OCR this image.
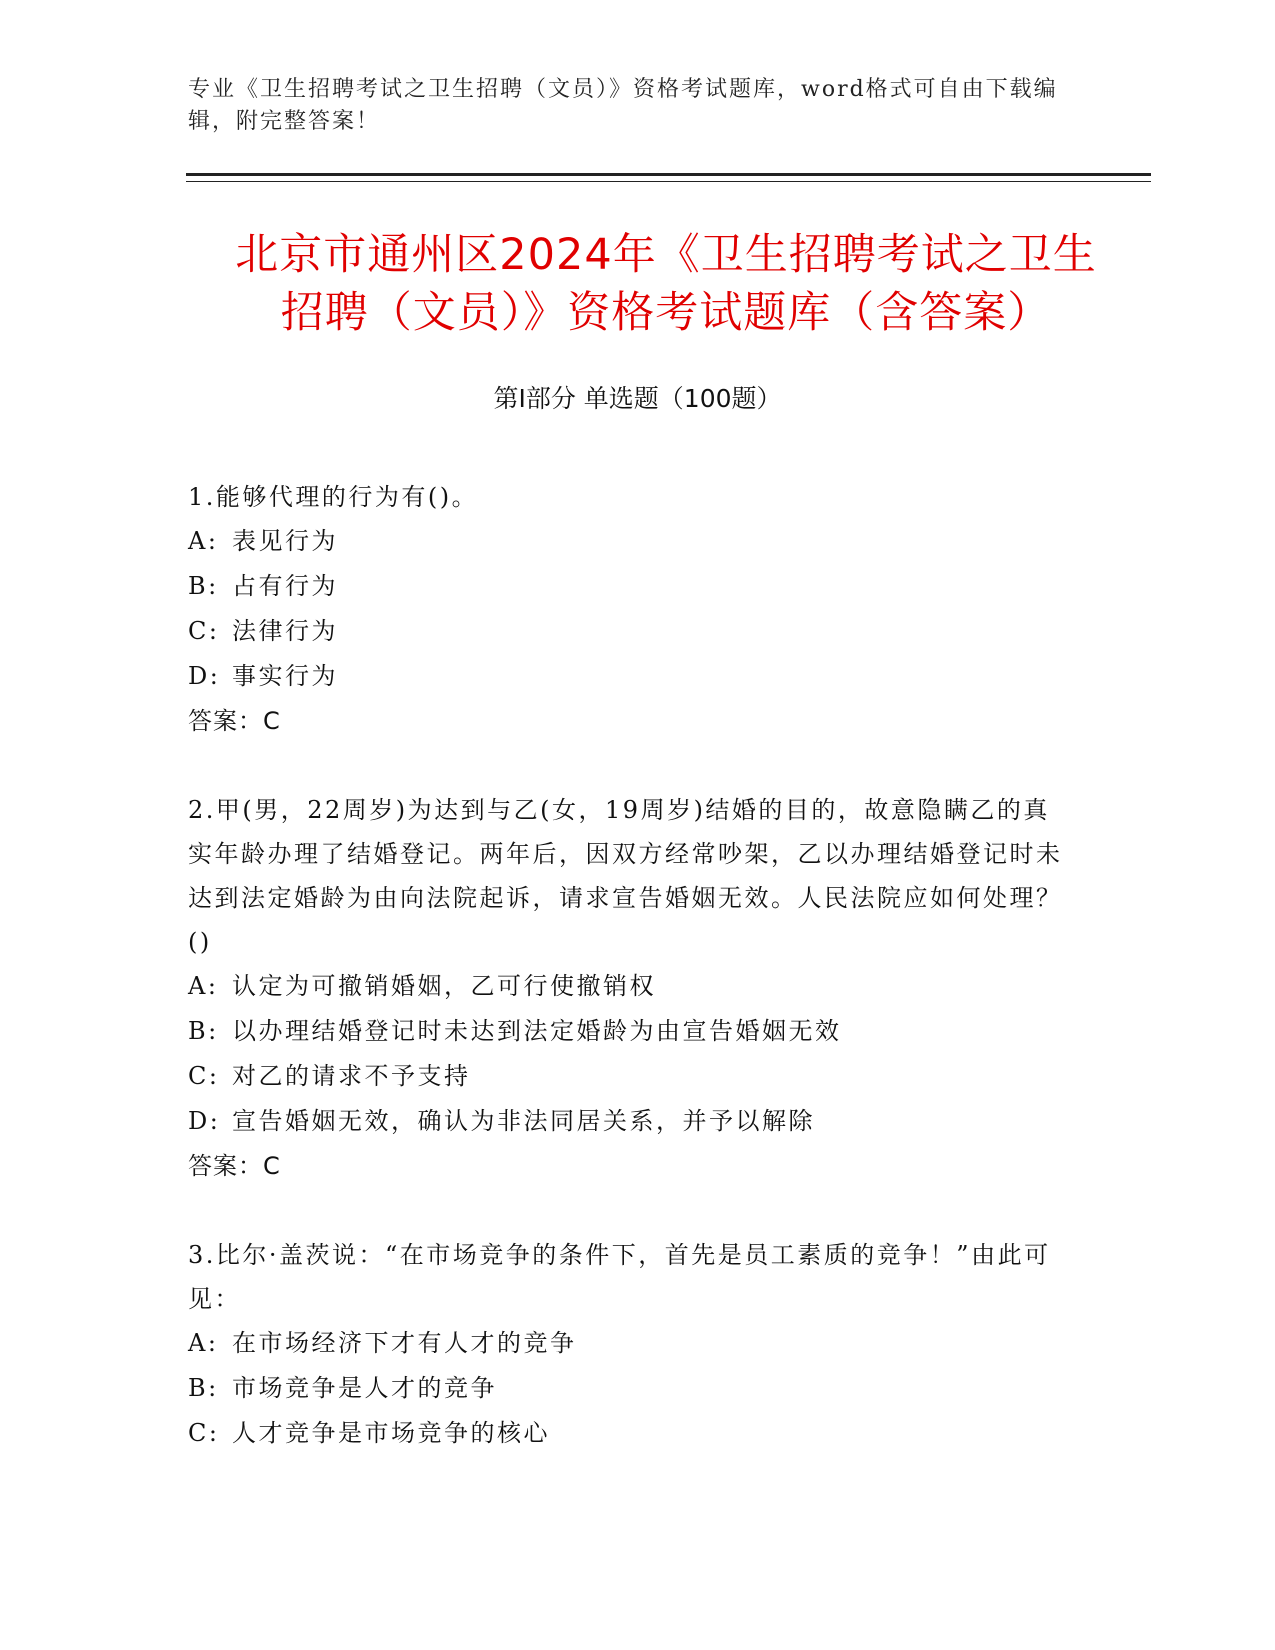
专业《卫生招聘考试之卫生招聘（文员）》资格考试题库，word格式可自由下载编辑，附完整答案！
北京市通州区2024年《卫生招聘考试之卫生
招聘（文员）》资格考试题库（含答案）
第Ⅰ部分 单选题（100题）
1.能够代理的行为有()。
A: 表见行为
B: 占有行为
C: 法律行为
D: 事实行为
答案：C
2.甲(男，22周岁)为达到与乙(女，19周岁)结婚的目的，故意隐瞒乙的真实年龄办理了结婚登记。两年后，因双方经常吵架，乙以办理结婚登记时未达到法定婚龄为由向法院起诉，请求宣告婚姻无效。人民法院应如何处理？()
A: 认定为可撤销婚姻，乙可行使撤销权
B: 以办理结婚登记时未达到法定婚龄为由宣告婚姻无效
C: 对乙的请求不予支持
D: 宣告婚姻无效，确认为非法同居关系，并予以解除
答案：C
3.比尔·盖茨说：“在市场竞争的条件下，首先是员工素质的竞争！”由此可见：
A: 在市场经济下才有人才的竞争
B: 市场竞争是人才的竞争
C: 人才竞争是市场竞争的核心
